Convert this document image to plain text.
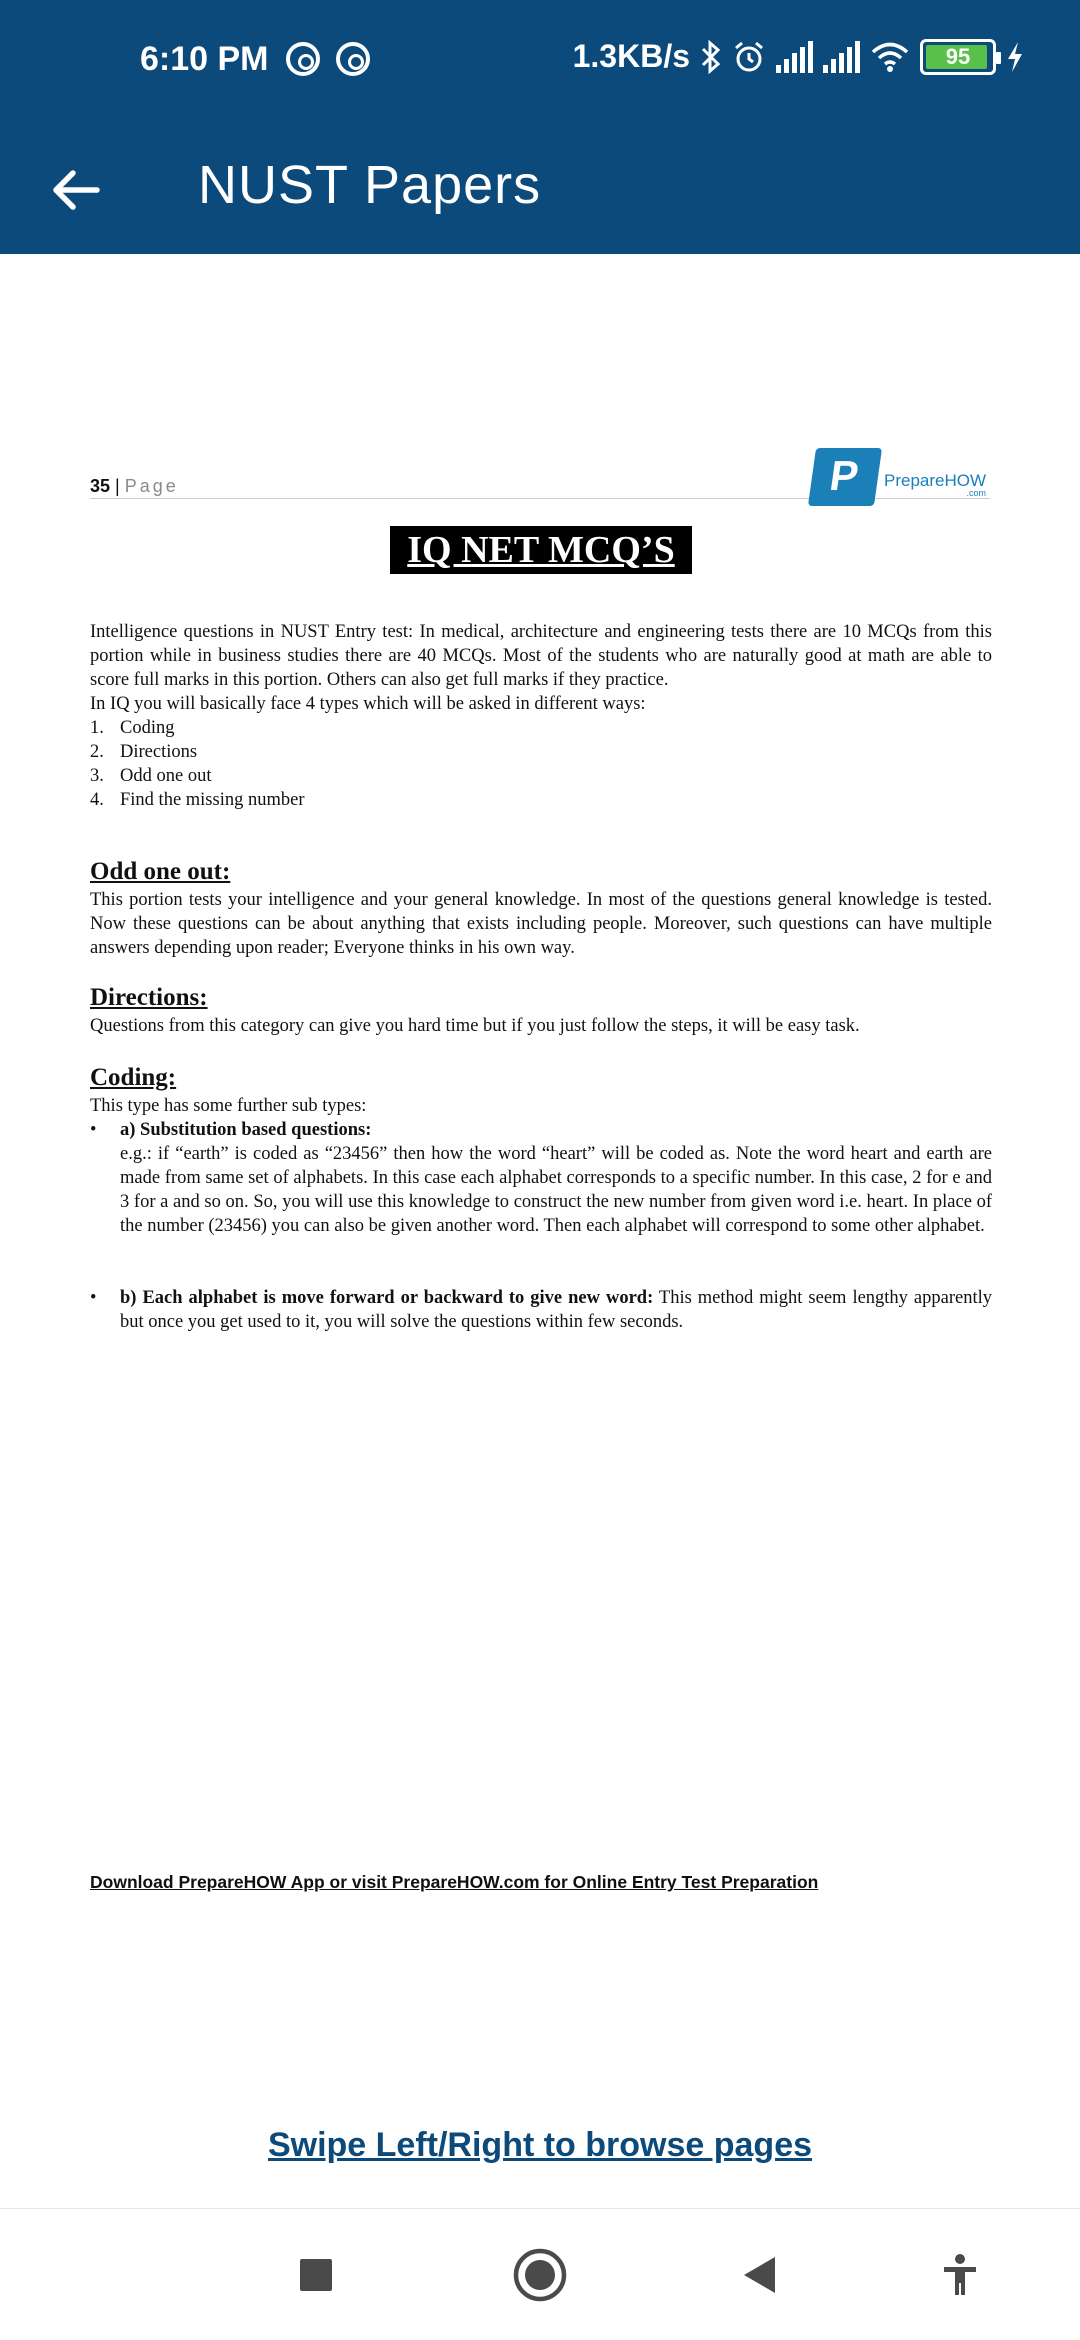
6:10 PM	1.3KB/s	95
NUST Papers
35 | Page	P PrepareHOW
.com
IQ NET MCQ’S
Intelligence questions in NUST Entry test: In medical, architecture and engineering tests there are 10 MCQs from this portion while in business studies there are 40 MCQs. Most of the students who are naturally good at math are able to score full marks in this portion. Others can also get full marks if they practice.
In IQ you will basically face 4 types which will be asked in different ways:
1. Coding
2. Directions
3. Odd one out
4. Find the missing number
Odd one out:
This portion tests your intelligence and your general knowledge. In most of the questions general knowledge is tested. Now these questions can be about anything that exists including people. Moreover, such questions can have multiple answers depending upon reader; Everyone thinks in his own way.
Directions:
Questions from this category can give you hard time but if you just follow the steps, it will be easy task.
Coding:
This type has some further sub types:
• a) Substitution based questions:
e.g.: if “earth” is coded as “23456” then how the word “heart” will be coded as. Note the word heart and earth are made from same set of alphabets. In this case each alphabet corresponds to a specific number. In this case, 2 for e and 3 for a and so on. So, you will use this knowledge to construct the new number from given word i.e. heart. In place of the number (23456) you can also be given another word. Then each alphabet will correspond to some other alphabet.
• b) Each alphabet is move forward or backward to give new word: This method might seem lengthy apparently but once you get used to it, you will solve the questions within few seconds.
Download PrepareHOW App or visit PrepareHOW.com for Online Entry Test Preparation
Swipe Left/Right to browse pages
